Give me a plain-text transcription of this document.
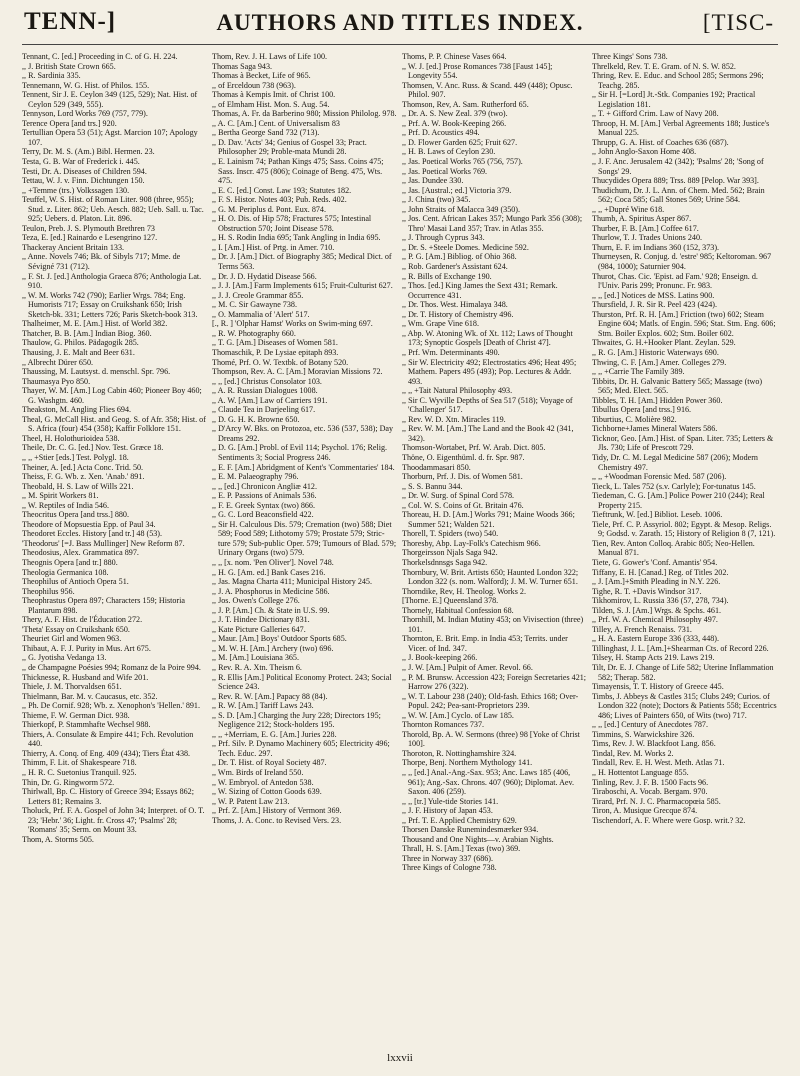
TENN-]	AUTHORS AND TITLES INDEX.	[TISC-

Tennant, C. [ed.] Proceeding in C. of G. H. 224.

,, J. British State Crown 665.

,, R. Sardinia 335.

Tennemann, W. G. Hist. of Philos. 155.

Tennent, Sir J. E. Ceylon 349 (125, 529); Nat. Hist. of Ceylon 529 (349, 555).

Tennyson, Lord Works 769 (757, 779).

Terence Opera [and trs.] 920.

Tertullian Opera 53 (51); Agst. Marcion 107; Apology 107.

Terry, Dr. M. S. (Am.) Bibl. Hermen. 23.

Testa, G. B. War of Frederick i. 445.

Testi, Dr. A. Diseases of Children 594.

Tettau, W. J. v. Finn. Dichtungen 150.

,, +Temme (trs.) Volkssagen 130.

Teuffel, W. S. Hist. of Roman Liter. 908 (three, 955); Stud. z. Liter. 862; Ueb. Aesch. 882; Ueb. Sall. u. Tac. 925; Uebers. d. Platon. Lit. 896.

Teulon, Preb. J. S. Plymouth Brethren 73

Teza, E. [ed.] Rainardo e Lesengrino 127.

Thackeray Ancient Britain 133.

,, Anne. Novels 746; Bk. of Sibyls 717; Mme. de Sévigné 731 (712).

,, F. St. J. [ed.] Anthologia Graeca 876; Anthologia Lat. 910.

,, W. M. Works 742 (790); Earlier Wrgs. 784; Eng. Humorists 717; Essay on Cruikshank 650; Irish Sketch-bk. 331; Letters 726; Paris Sketch-book 313.

Thalheimer, M. E. [Am.] Hist. of World 382.

Thatcher, B. B. [Am.] Indian Biog. 360.

Thaulow, G. Philos. Pädagogik 285.

Thausing, J. E. Malt and Beer 631.

,, Albrecht Dürer 650.

Thaussing, M. Lautsyst. d. menschl. Spr. 796.

Thaumasya Pyo 850.

Thayer, W. M. [Am.] Log Cabin 460; Pioneer Boy 460; G. Washgtn. 460.

Theakston, M. Angling Flies 694.

Theal, G. McCall Hist. and Geog. S. of Afr. 358; Hist. of S. Africa (four) 454 (358); Kaffir Folklore 151.

Theel, H. Holothurioidea 538.

Theile, Dr. C. G. [ed.] Nov. Test. Græce 18.

,, ,, +Stier [eds.] Test. Polygl. 18.

Theiner, A. [ed.] Acta Conc. Trid. 50.

Theiss, F. G. Wb. z. Xen. 'Anab.' 891.

Theobald, H. S. Law of Wills 221.

,, M. Spirit Workers 81.

,, W. Reptiles of India 546.

Theocritus Opera [and trss.] 880.

Theodore of Mopsuestia Epp. of Paul 34.

Theodoret Eccles. History [and tr.] 48 (53).

'Theodorus' [=J. Bass Mullinger] New Reform 87.

Theodosius, Alex. Grammatica 897.

Theognis Opera [and tr.] 880.

Theologia Germanica 108.

Theophilus of Antioch Opera 51.

Theophilus 956.

Theophrastus Opera 897; Characters 159; Historia Plantarum 898.

Thery, A. F. Hist. de l'Éducation 272.

'Theta' Essay on Cruikshank 650.

Theuriet Girl and Women 963.

Thibaut, A. F. J. Purity in Mus. Art 675.

,, G. Jyotisha Vedanga 13.

,, de Champagne Poésies 994; Romanz de la Poire 994.

Thicknesse, R. Husband and Wife 201.

Thiele, J. M. Thorvaldsen 651.

Thielmann, Bar. M. v. Caucasus, etc. 352.

,, Ph. De Cornif. 928; Wb. z. Xenophon's 'Hellen.' 891.

Thieme, F. W. German Dict. 938.

Thierkopf, P. Stammhafte Wechsel 988.

Thiers, A. Consulate & Empire 441; Fch. Revolution 440.

Thierry, A. Conq. of Eng. 409 (434); Tiers État 438.

Thimm, F. Lit. of Shakespeare 718.

,, H. R. C. Suetonius Tranquil. 925.

Thin, Dr. G. Ringworm 572.

Thirlwall, Bp. C. History of Greece 394; Essays 862; Letters 81; Remains 3.

Tholuck, Prf. F. A. Gospel of John 34; Interpret. of O. T. 23; 'Hebr.' 36; Light. fr. Cross 47; 'Psalms' 28; 'Romans' 35; Serm. on Mount 33.

Thom, A. Storms 505.

Thom, Rev. J. H. Laws of Life 100.

Thomas Saga 943.

Thomas à Becket, Life of 965.

,, of Erceldoun 738 (963).

Thomas à Kempis Imit. of Christ 100.

,, of Elmham Hist. Mon. S. Aug. 54.

Thomas, A. Fr. da Barberino 980; Mission Philolog. 978.

,, A. C. [Am.] Cent. of Universalism 83

,, Bertha George Sand 732 (713).

,, D. Dav. 'Acts' 34; Genius of Gospel 33; Pract. Philosopher 29; Proble-mata Mundi 28.

,, E. Lainism 74; Pathan Kings 475; Sass. Coins 475; Sass. Inscr. 475 (806); Coinage of Beng. 475, Wts. 475.

,, E. C. [ed.] Const. Law 193; Statutes 182.

,, F. S. Histor. Notes 403; Pub. Reds. 402.

,, G. M. Periplus d. Pont. Eux. 874.

,, H. O. Dis. of Hip 578; Fractures 575; Intestinal Obstruction 570; Joint Disease 578.

,, H. S. Rodin India 695; Tank Angling in India 695.

,, I. [Am.] Hist. of Prtg. in Amer. 710.

,, Dr. J. [Am.] Dict. of Biography 385; Medical Dict. of Terms 563.

,, Dr. J. D. Hydatid Disease 566.

,, J. J. [Am.] Farm Implements 615; Fruit-Culturist 627.

,, J. J. Creole Grammar 855.

,, M. C. Sir Gawayne 738.

,, O. Mammalia of 'Alert' 517.

[., R. ] 'Olphar Hamst' Works on Swim-ming 697.

,, R. W. Photography 660.

,, T. G. [Am.] Diseases of Women 581.

Thomaschik, P. De Lysiae epitaph 893.

Thomé, Prf. O. W. Textbk. of Botany 520.

Thompson, Rev. A. C. [Am.] Moravian Missions 72.

,, ,, [ed.] Christus Consolator 103.

,, A. R. Russian Dialogues 1008.

,, A. W. [Am.] Law of Carriers 191.

,, Claude Tea in Darjeeling 617.

,, D. G. H. K. Browne 650.

,, D'Arcy W. Bks. on Protozoa, etc. 536 (537, 538); Day Dreams 292.

,, D. G. [Am.] Probl. of Evil 114; Psychol. 176; Relig. Sentiments 3; Social Progress 246.

,, E. F. [Am.] Abridgment of Kent's 'Commentaries' 184.

,, E. M. Palaeography 796.

,, ,, [ed.] Chronicon Angliæ 412.

,, E. P. Passions of Animals 536.

,, F. E. Greek Syntax (two) 866.

,, G. C. Lord Beaconsfield 422.

,, Sir H. Calculous Dis. 579; Cremation (two) 588; Diet 589; Food 589; Lithotomy 579; Prostate 579; Stric-ture 579; Sub-public Oper. 579; Tumours of Blad. 579; Urinary Organs (two) 579.

,, ,, [x. nom. 'Pen Oliver']. Novel 748.

,, H. G. [Am. ed.] Bank Cases 216.

,, Jas. Magna Charta 411; Municipal History 245.

,, J. A. Phosphorus in Medicine 586.

,, Jos. Owen's College 276.

,, J. P. [Am.] Ch. & State in U.S. 99.

,, J. T. Hindee Dictionary 831.

,, Kate Picture Galleries 647.

,, Maur. [Am.] Boys' Outdoor Sports 685.

,, M. W. H. [Am.] Archery (two) 696.

,, M. [Am.] Louisiana 365.

,, Rev. R. A. Xtn. Theism 6.

,, R. Ellis [Am.] Political Economy Protect. 243; Social Science 243.

,, Rev. R. W. [Am.] Papacy 88 (84).

,, R. W. [Am.] Tariff Laws 243.

,, S. D. [Am.] Charging the Jury 228; Directors 195; Negligence 212; Stock-holders 195.

,, ,, +Merriam, E. G. [Am.] Juries 228.

,, Prf. Silv. P. Dynamo Machinery 605; Electricity 496; Tech. Educ. 297.

,, Dr. T. Hist. of Royal Society 487.

,, Wm. Birds of Ireland 550.

,, W. Embryol. of Antedon 538.

,, W. Sizing of Cotton Goods 639.

,, W. P. Patent Law 213.

,, Prf. Z. [Am.] History of Vermont 369.

Thoms, J. A. Conc. to Revised Vers. 23.

Thoms, P. P. Chinese Vases 664.

,, W. J. [ed.] Prose Romances 738 [Faust 145]; Longevity 554.

Thomsen, V. Anc. Russ. & Scand. 449 (448); Opusc. Philol. 907.

Thomson, Rev, A. Sam. Rutherford 65.

,, Dr. A. S. New Zeal. 379 (two).

,, Prf. A. W. Book-Keeping 266.

,, Prf. D. Acoustics 494.

,, D. Flower Garden 625; Fruit 627.

,, H. B. Laws of Ceylon 230.

,, Jas. Poetical Works 765 (756, 757).

,, Jas. Poetical Works 769.

,, Jas. Dundee 330.

,, Jas. [Austral.; ed.] Victoria 379.

,, J. China (two) 345.

,, John Straits of Malacca 349 (350).

,, Jos. Cent. African Lakes 357; Mungo Park 356 (308); Thro' Masai Land 357; Trav. in Atlas 355.

,, J. Through Cyprus 343.

,, Dr. S. +Steele Domes. Medicine 592.

,, P. G. [Am.] Bibliog. of Ohio 368.

,, Rob. Gardener's Assistant 624.

,, R. Bills of Exchange 190.

,, Thos. [ed.] King James the Sext 431; Remark. Occurrence 431.

,, Dr. Thos. West. Himalaya 348.

,, Dr. T. History of Chemistry 496.

,, Wm. Grape Vine 618.

,, Abp. W. Atoning Wk. of Xt. 112; Laws of Thought 173; Synoptic Gospels [Death of Christ 47].

,, Prf. Wm. Determinants 490.

,, Sir W. Electricity 492; Electrostatics 496; Heat 495; Mathem. Papers 495 (493); Pop. Lectures & Addr. 493.

,, ,, +Tait Natural Philosophy 493.

,, Sir C. Wyville Depths of Sea 517 (518); Voyage of 'Challenger' 517.

,, Rev. W. D. Xtn. Miracles 119.

,, Rev. W. M. [Am.] The Land and the Book 42 (341, 342).

Thomson-Wortabet, Prf. W. Arab. Dict. 805.

Thöne, O. Eigenthüml. d. fr. Spr. 987.

Thoodammasari 850.

Thorburn, Prf. J. Dis. of Women 581.

,, S. S. Bannu 344.

,, Dr. W. Surg. of Spinal Cord 578.

,, Col. W. S. Coins of Gt. Britain 476.

Thoreau, H. D. [Am.] Works 791; Maine Woods 366; Summer 521; Walden 521.

Thorell, T. Spiders (two) 540.

Thoresby, Abp. Lay-Folk's Catechism 966.

Thorgeirsson Njals Saga 942.

Thorkelsdnnsgs Saga 942.

Thornbury, W. Brit. Artists 650; Haunted London 322; London 322 (s. nom. Walford); J. M. W. Turner 651.

Thorndike, Rev, H. Theolog. Works 2.

[Thorne. E.] Queensland 378.

Thornely, Habitual Confession 68.

Thornhill, M. Indian Mutiny 453; on Vivisection (three) 101.

Thornton, E. Brit. Emp. in India 453; Territs. under Vicer. of Ind. 347.

,, J. Book-keeping 266.

,, J. W. [Am.] Pulpit of Amer. Revol. 66.

,, P. M. Brunsw. Accession 423; Foreign Secretaries 421; Harrow 276 (322).

,, W. T. Labour 238 (240); Old-fash. Ethics 168; Over-Popul. 242; Pea-sant-Proprietors 239.

,, W. W. [Am.] Cyclo. of Law 185.

Thornton Romances 737.

Thorold, Bp. A. W. Sermons (three) 98 [Yoke of Christ 100].

Thoroton, R. Nottinghamshire 324.

Thorpe, Benj. Northern Mythology 141.

,, ,, [ed.] Anal.-Ang.-Sax. 953; Anc. Laws 185 (406, 961); Ang.-Sax. Chrons. 407 (960); Diplomat. Aev. Saxon. 406 (259).

,, ,, [tr.] Yule-tide Stories 141.

,, J. F. History of Japan 453.

,, Prf. T. E. Applied Chemistry 629.

Thorsen Danske Runemindesmærker 934.

Thousand and One Nights—v. Arabian Nights.

Thrall, H. S. [Am.] Texas (two) 369.

Three in Norway 337 (686).

Three Kings of Cologne 738.

Three Kings' Sons 738.

Threlkeld, Rev. T. E. Gram. of N. S. W. 852.

Thring, Rev. E. Educ. and School 285; Sermons 296; Teachg. 285.

,, Sir H. [=Lord] Jt.-Stk. Companies 192; Practical Legislation 181.

,, T. + Gifford Crim. Law of Navy 208.

Throop, H. M. [Am.] Verbal Agreements 188; Justice's Manual 225.

Thrupp, G. A. Hist. of Coaches 636 (687).

,, John Anglo-Saxon Home 408.

,, J. F. Anc. Jerusalem 42 (342); 'Psalms' 28; 'Song of Songs' 29.

Thucydides Opera 889; Trss. 889 [Pelop. War 393].

Thudichum, Dr. J. L. Ann. of Chem. Med. 562; Brain 562; Coca 585; Gall Stones 569; Urine 584.

,, ,, +Dupré Wine 618.

Thumb, A. Spiritus Asper 867.

Thurber, F. B. [Am.] Coffee 617.

Thurlow, T. J. Trades Unions 240.

Thurn, E. F. im Indians 360 (152, 373).

Thurneysen, R. Conjug. d. 'estre' 985; Keltoroman. 967 (984, 1000); Saturnier 904.

Thurot, Chas. Cic. 'Epist. ad Fam.' 928; Enseign. d. l'Univ. Paris 299; Pronunc. Fr. 983.

,, ,, [ed.] Notices de MSS. Latins 900.

Thursfield, J. R. Sir R. Peel 423 (424).

Thurston, Prf. R. H. [Am.] Friction (two) 602; Steam Engine 604; Matls. of Engin. 596; Stat. Stm. Eng. 606; Stm. Boiler Explos. 602; Stm. Boiler 602.

Thwaites, G. H.+Hooker Plant. Zeylan. 529.

,, R. G. [Am.] Historic Waterways 690.

Thwing, C. F. [Am.] Amer. Colleges 279.

,, ,, +Carrie The Family 389.

Tibbits, Dr. H. Galvanic Battery 565; Massage (two) 565; Med. Elect. 565.

Tibbles, T. H. [Am.] Hidden Power 360.

Tibullus Opera [and trss.] 916.

Tiburtius, C. Molière 982.

Tichborne+James Mineral Waters 586.

Ticknor, Geo. [Am.] Hist. of Span. Liter. 735; Letters & Jls. 730; Life of Prescott 729.

Tidy, Dr. C. M. Legal Medicine 587 (206); Modern Chemistry 497.

,, ,, +Woodman Forensic Med. 587 (206).

Tieck, L. Tales 752 (s.v. Carlyle); For-tunatus 145.

Tiedeman, C. G. [Am.] Police Power 210 (244); Real Property 215.

Tieftrunk, W. [ed.] Bibliot. Leseb. 1006.

Tiele, Prf. C. P. Assyriol. 802; Egypt. & Mesop. Religs. 9; Godsd. v. Zarath. 15; History of Religion 8 (7, 121).

Tien, Rev. Anton Colloq. Arabic 805; Neo-Hellen. Manual 871.

Tiete, G. Gower's 'Conf. Amantis' 954.

Tiffany, E. H. [Canad.] Reg. of Titles 202.

,, J. [Am.]+Smith Pleading in N.Y. 226.

Tighe, R. T. +Davis Windsor 317.

Tikhomirov, L. Russia 336 (57, 278, 734).

Tilden, S. J. [Am.] Wrgs. & Spchs. 461.

,, Prf. W. A. Chemical Philosophy 497.

Tilley, A. French Renaiss. 731.

,, H. A. Eastern Europe 336 (333, 448).

Tillinghast, J. L. [Am.]+Shearman Cts. of Record 226.

Tilsey, H. Stamp Acts 219. Laws 219.

Tilt, Dr. E. J. Change of Life 582; Uterine Inflammation 582; Therap. 582.

Timayensis, T. T. History of Greece 445.

Timbs, J. Abbeys & Castles 315; Clubs 249; Curios. of London 322 (note); Doctors & Patients 558; Eccentrics 486; Lives of Painters 650, of Wits (two) 717.

,, ,, [ed.] Century of Anecdotes 787.

Timmins, S. Warwickshire 326.

Tims, Rev. J. W. Blackfoot Lang. 856.

Tindal, Rev. M. Works 2.

Tindall, Rev. E. H. West. Meth. Atlas 71.

,, H. Hottentot Language 855.

Tinling, Rev. J. F. B. 1500 Facts 96.

Tiraboschi, A. Vocab. Bergam. 970.

Tirard, Prf. N. J. C. Pharmacopœia 585.

Tiron, A. Musique Grecque 874.

Tischendorf, A. F. Where were Gosp. writ.? 32.

lxxvii
